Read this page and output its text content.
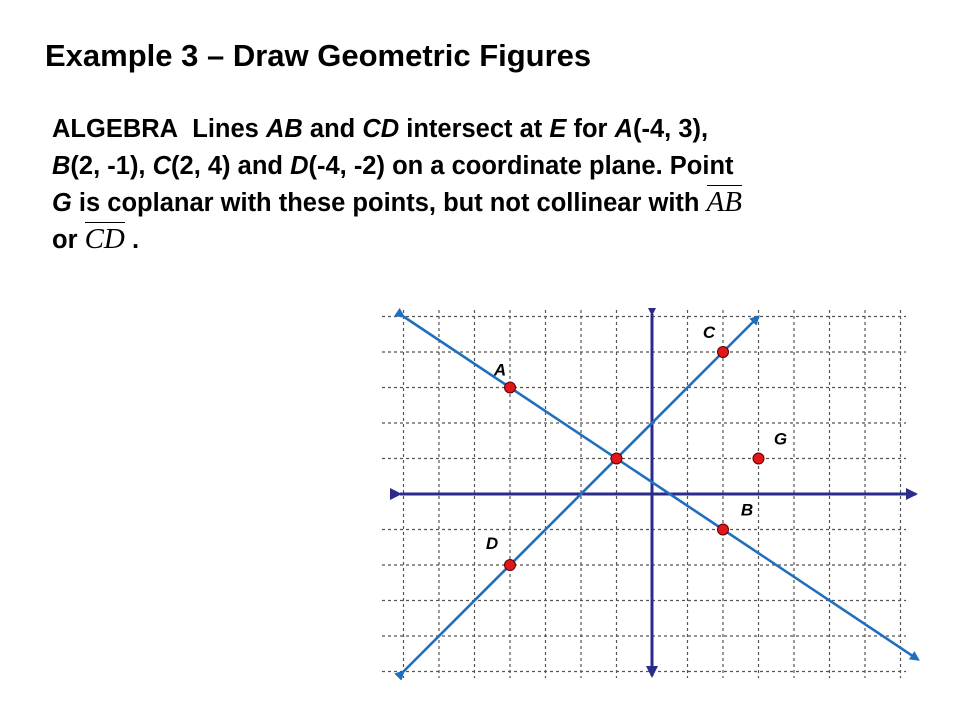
Example 3 – Draw Geometric Figures
ALGEBRA Lines AB and CD intersect at E for A(-4, 3),
B(2, -1), C(2, 4) and D(-4, -2) on a coordinate plane. Point
G is coplanar with these points, but not collinear with
AB
or
CD .
A
B
C
D
G
